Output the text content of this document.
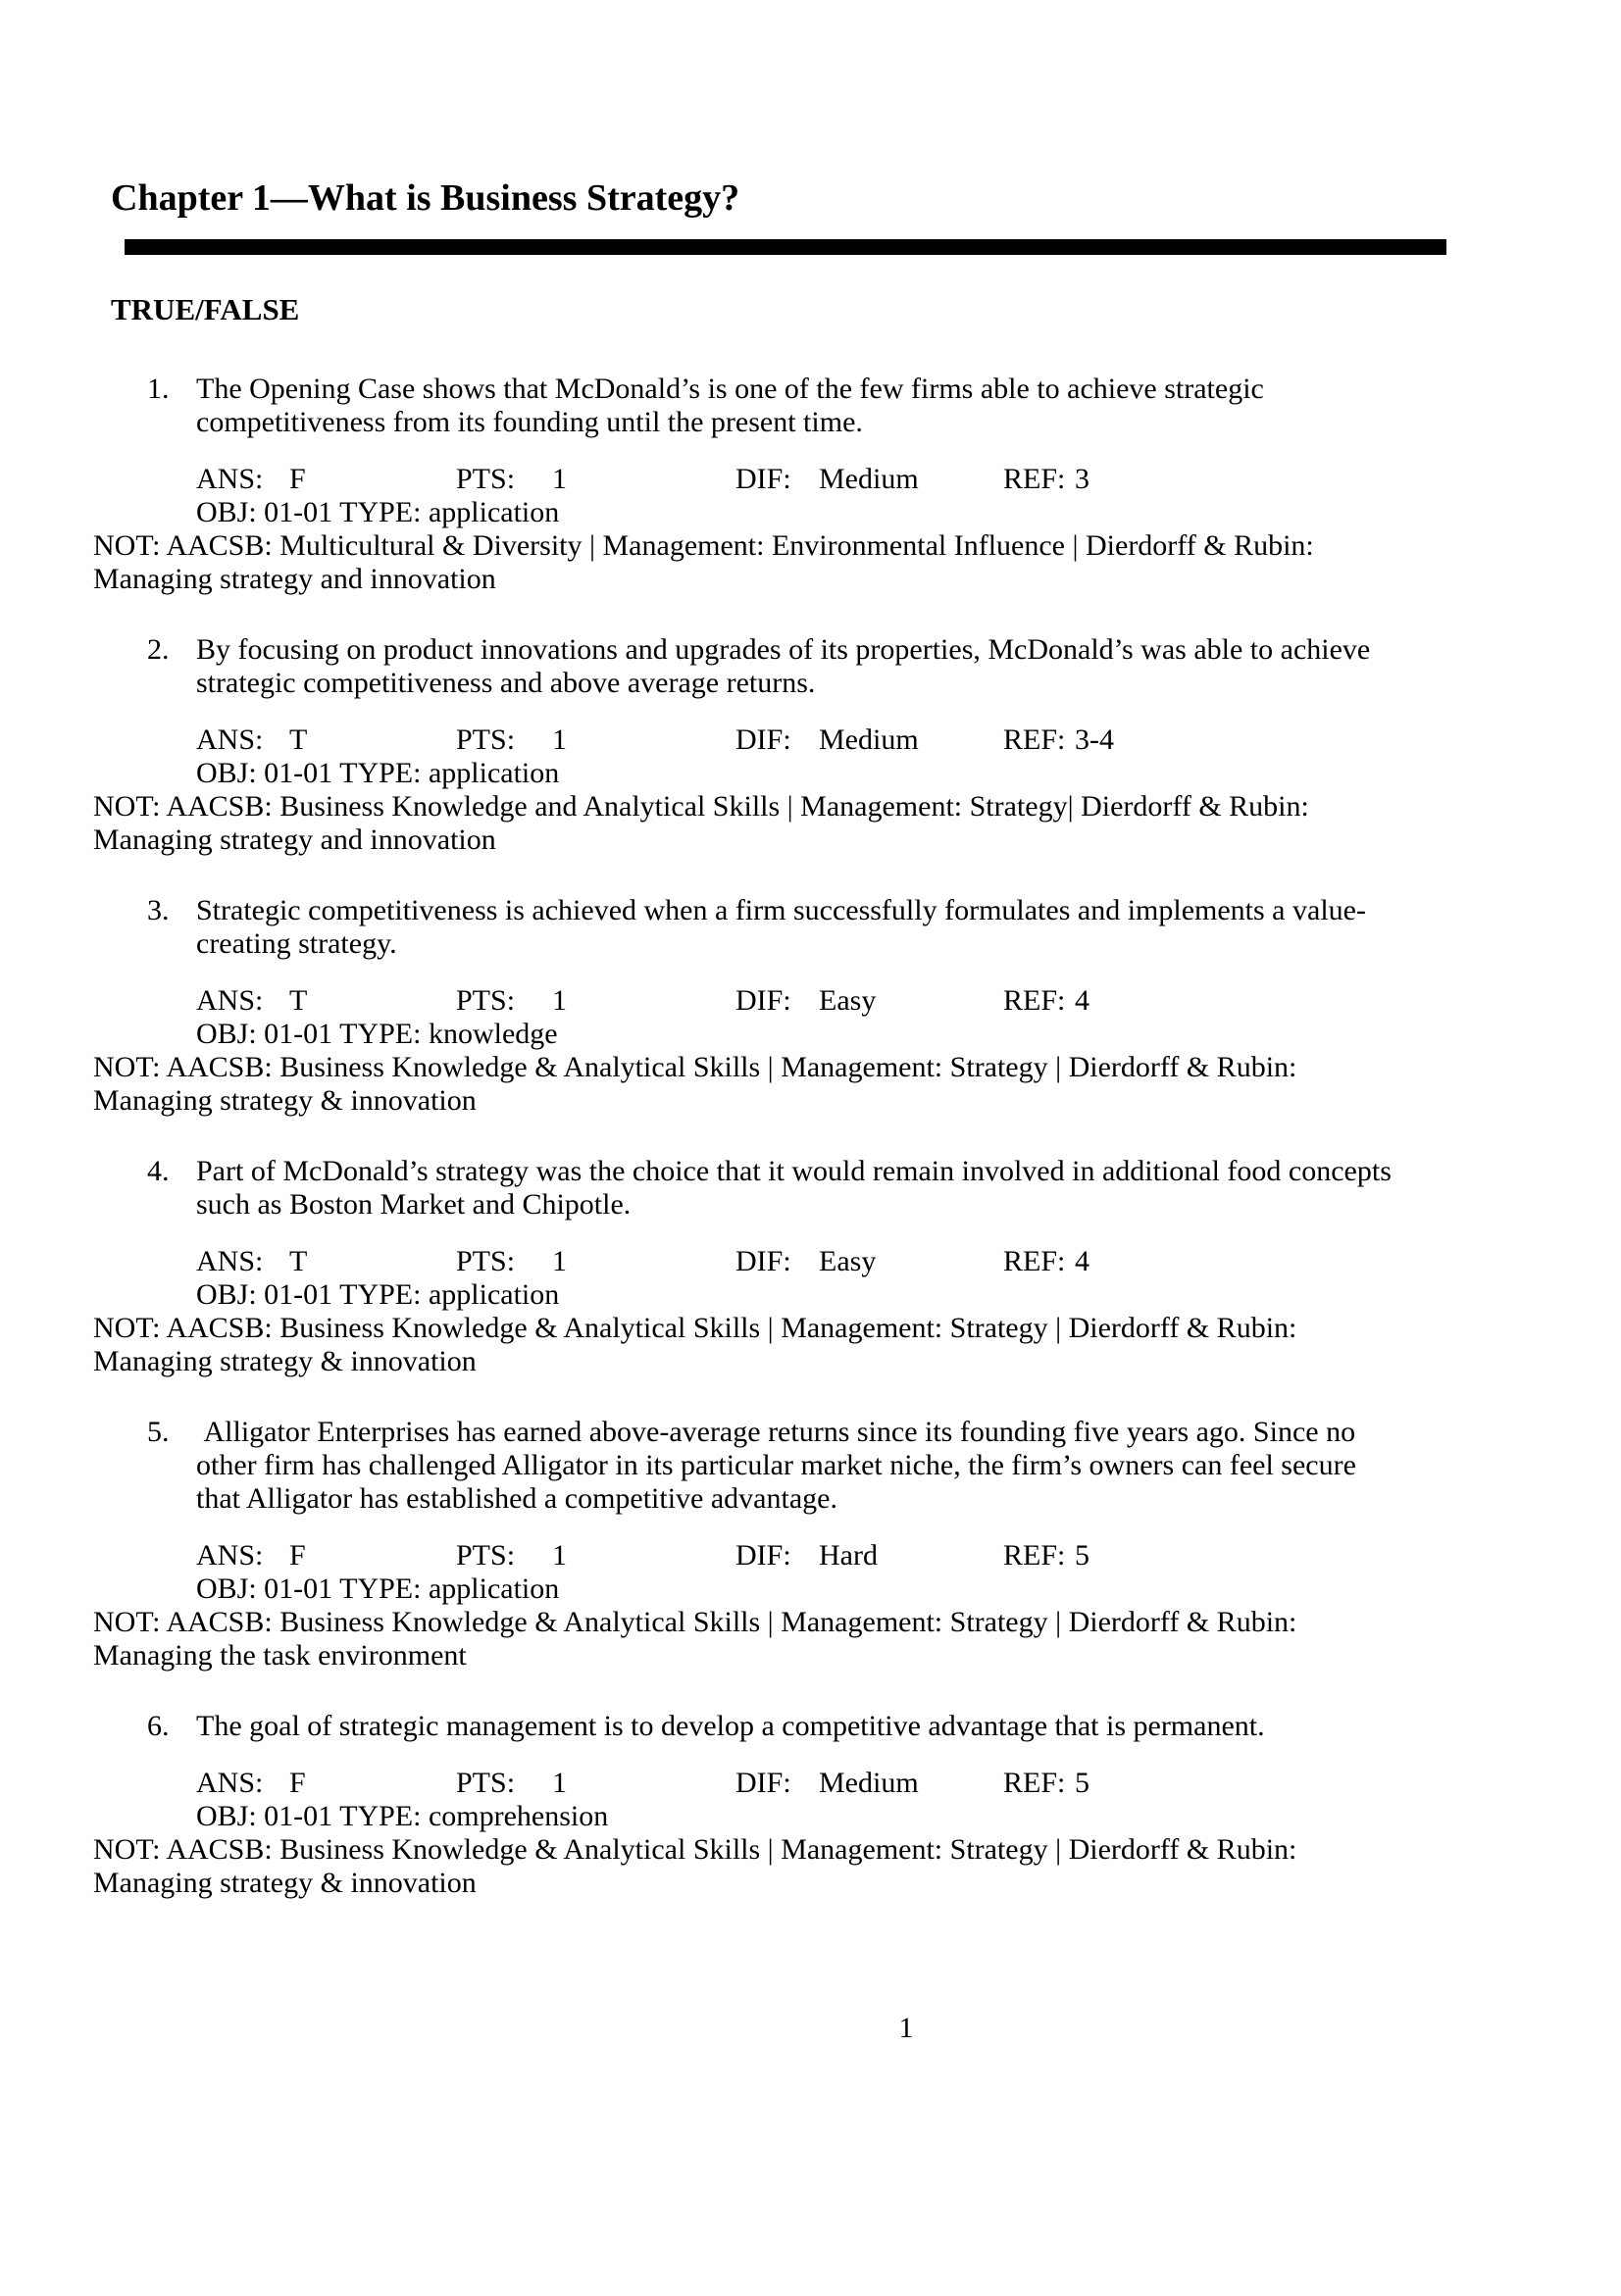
Chapter 1—What is Business Strategy?
TRUE/FALSE
1. The Opening Case shows that McDonald’s is one of the few firms able to achieve strategic
competitiveness from its founding until the present time.
ANS: F	PTS: 1	DIF: Medium	REF: 3
OBJ: 01-01 TYPE: application
NOT: AACSB: Multicultural & Diversity | Management: Environmental Influence | Dierdorff & Rubin:
Managing strategy and innovation
2. By focusing on product innovations and upgrades of its properties, McDonald’s was able to achieve
strategic competitiveness and above average returns.
ANS: T	PTS: 1	DIF: Medium	REF: 3-4
OBJ: 01-01 TYPE: application
NOT: AACSB: Business Knowledge and Analytical Skills | Management: Strategy| Dierdorff & Rubin:
Managing strategy and innovation
3. Strategic competitiveness is achieved when a firm successfully formulates and implements a value-
creating strategy.
ANS: T	PTS: 1	DIF: Easy	REF: 4
OBJ: 01-01 TYPE: knowledge
NOT: AACSB: Business Knowledge & Analytical Skills | Management: Strategy | Dierdorff & Rubin:
Managing strategy & innovation
4. Part of McDonald’s strategy was the choice that it would remain involved in additional food concepts
such as Boston Market and Chipotle.
ANS: T	PTS: 1	DIF: Easy	REF: 4
OBJ: 01-01 TYPE: application
NOT: AACSB: Business Knowledge & Analytical Skills | Management: Strategy | Dierdorff & Rubin:
Managing strategy & innovation
5. Alligator Enterprises has earned above-average returns since its founding five years ago. Since no
other firm has challenged Alligator in its particular market niche, the firm’s owners can feel secure
that Alligator has established a competitive advantage.
ANS: F	PTS: 1	DIF: Hard	REF: 5
OBJ: 01-01 TYPE: application
NOT: AACSB: Business Knowledge & Analytical Skills | Management: Strategy | Dierdorff & Rubin:
Managing the task environment
6. The goal of strategic management is to develop a competitive advantage that is permanent.
ANS: F	PTS: 1	DIF: Medium	REF: 5
OBJ: 01-01 TYPE: comprehension
NOT: AACSB: Business Knowledge & Analytical Skills | Management: Strategy | Dierdorff & Rubin:
Managing strategy & innovation
1
